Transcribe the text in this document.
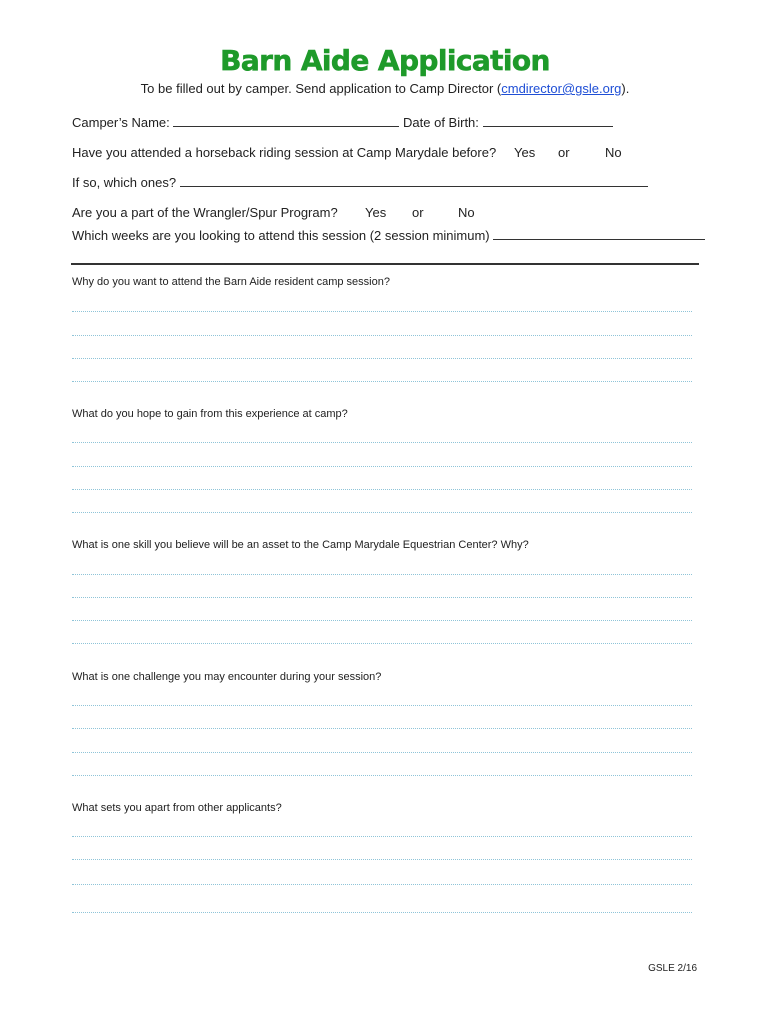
Barn Aide Application
To be filled out by camper. Send application to Camp Director (cmdirector@gsle.org).
Camper’s Name:	Date of Birth:
Have you attended a horseback riding session at Camp Marydale before? Yes or	No
If so, which ones?
Are you a part of the Wrangler/Spur Program? Yes or	No
Which weeks are you looking to attend this session (2 session minimum)
Why do you want to attend the Barn Aide resident camp session?
What do you hope to gain from this experience at camp?
What is one skill you believe will be an asset to the Camp Marydale Equestrian Center? Why?
What is one challenge you may encounter during your session?
What sets you apart from other applicants?
GSLE 2/16
